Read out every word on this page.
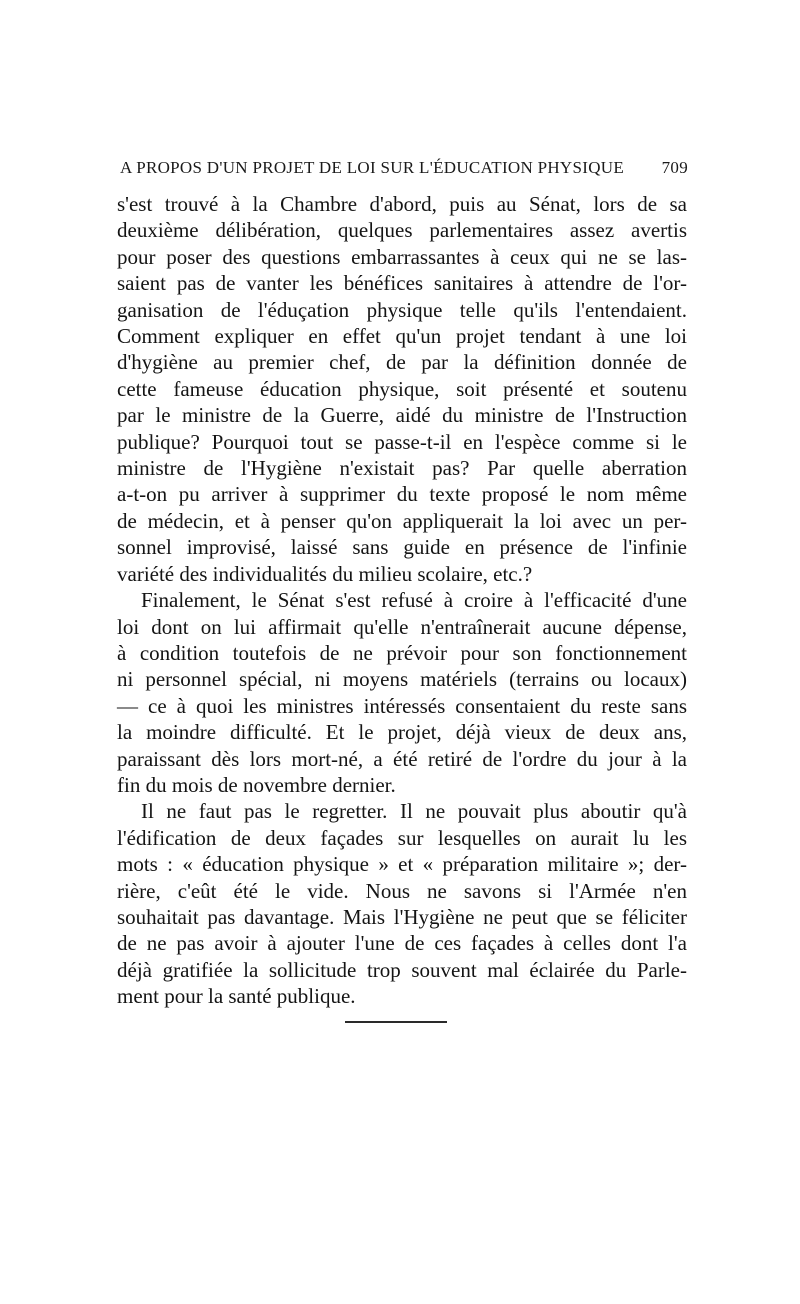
A PROPOS D'UN PROJET DE LOI SUR L'ÉDUCATION PHYSIQUE 709
s'est trouvé à la Chambre d'abord, puis au Sénat, lors de sa
deuxième délibération, quelques parlementaires assez avertis
pour poser des questions embarrassantes à ceux qui ne se las-
saient pas de vanter les bénéfices sanitaires à attendre de l'or-
ganisation de l'éduçation physique telle qu'ils l'entendaient.
Comment expliquer en effet qu'un projet tendant à une loi
d'hygiène au premier chef, de par la définition donnée de
cette fameuse éducation physique, soit présenté et soutenu
par le ministre de la Guerre, aidé du ministre de l'Instruction
publique? Pourquoi tout se passe-t-il en l'espèce comme si le
ministre de l'Hygiène n'existait pas? Par quelle aberration
a-t-on pu arriver à supprimer du texte proposé le nom même
de médecin, et à penser qu'on appliquerait la loi avec un per-
sonnel improvisé, laissé sans guide en présence de l'infinie
variété des individualités du milieu scolaire, etc.?
Finalement, le Sénat s'est refusé à croire à l'efficacité d'une
loi dont on lui affirmait qu'elle n'entraînerait aucune dépense,
à condition toutefois de ne prévoir pour son fonctionnement
ni personnel spécial, ni moyens matériels (terrains ou locaux)
— ce à quoi les ministres intéressés consentaient du reste sans
la moindre difficulté. Et le projet, déjà vieux de deux ans,
paraissant dès lors mort-né, a été retiré de l'ordre du jour à la
fin du mois de novembre dernier.
Il ne faut pas le regretter. Il ne pouvait plus aboutir qu'à
l'édification de deux façades sur lesquelles on aurait lu les
mots : « éducation physique » et « préparation militaire »; der-
rière, c'eût été le vide. Nous ne savons si l'Armée n'en
souhaitait pas davantage. Mais l'Hygiène ne peut que se féliciter
de ne pas avoir à ajouter l'une de ces façades à celles dont l'a
déjà gratifiée la sollicitude trop souvent mal éclairée du Parle-
ment pour la santé publique.
